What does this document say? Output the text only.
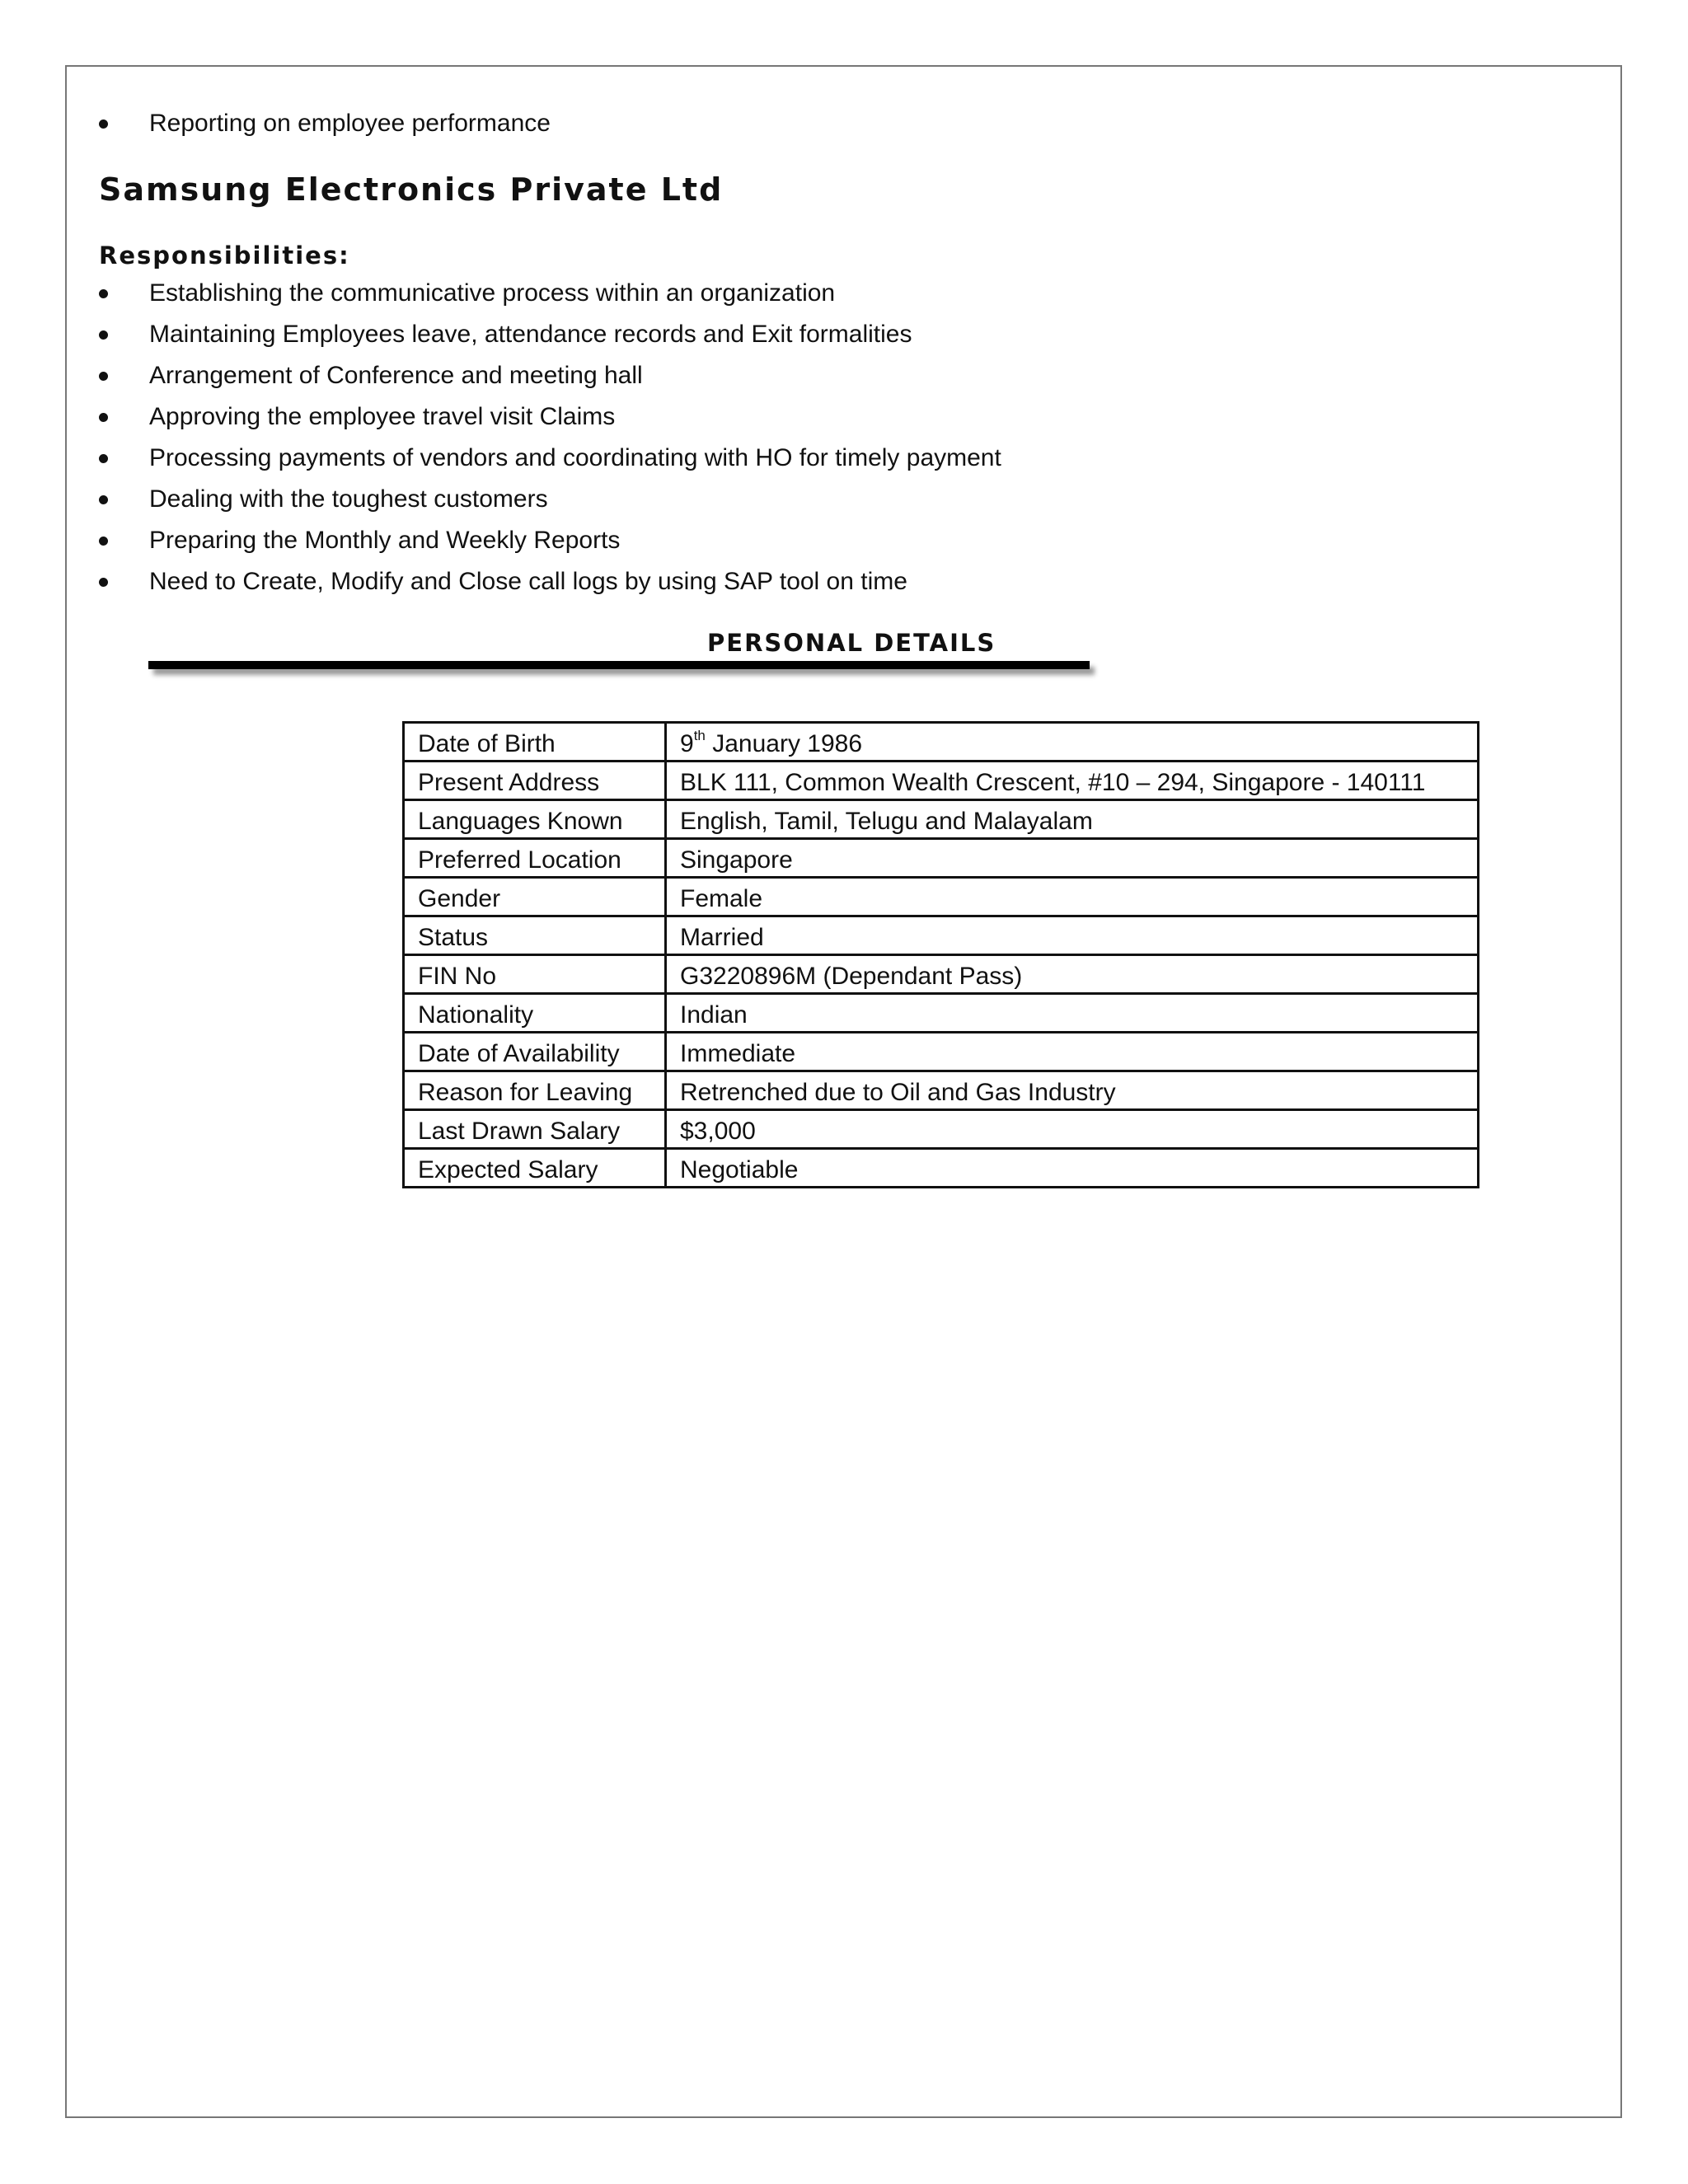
Reporting on employee performance
Samsung Electronics Private Ltd
Responsibilities:
Establishing the communicative process within an organization
Maintaining Employees leave, attendance records and Exit formalities
Arrangement of Conference and meeting hall
Approving the employee travel visit Claims
Processing payments of vendors and coordinating with HO for timely payment
Dealing with the toughest customers
Preparing the Monthly and Weekly Reports
Need to Create, Modify and Close call logs by using SAP tool on time
PERSONAL DETAILS
Date of Birth	9th January 1986
Present Address	BLK 111, Common Wealth Crescent, #10 – 294, Singapore - 140111
Languages Known	English, Tamil, Telugu and Malayalam
Preferred Location	Singapore
Gender	Female
Status	Married
FIN No	G3220896M (Dependant Pass)
Nationality	Indian
Date of Availability	Immediate
Reason for Leaving	Retrenched due to Oil and Gas Industry
Last Drawn Salary	$3,000
Expected Salary	Negotiable
